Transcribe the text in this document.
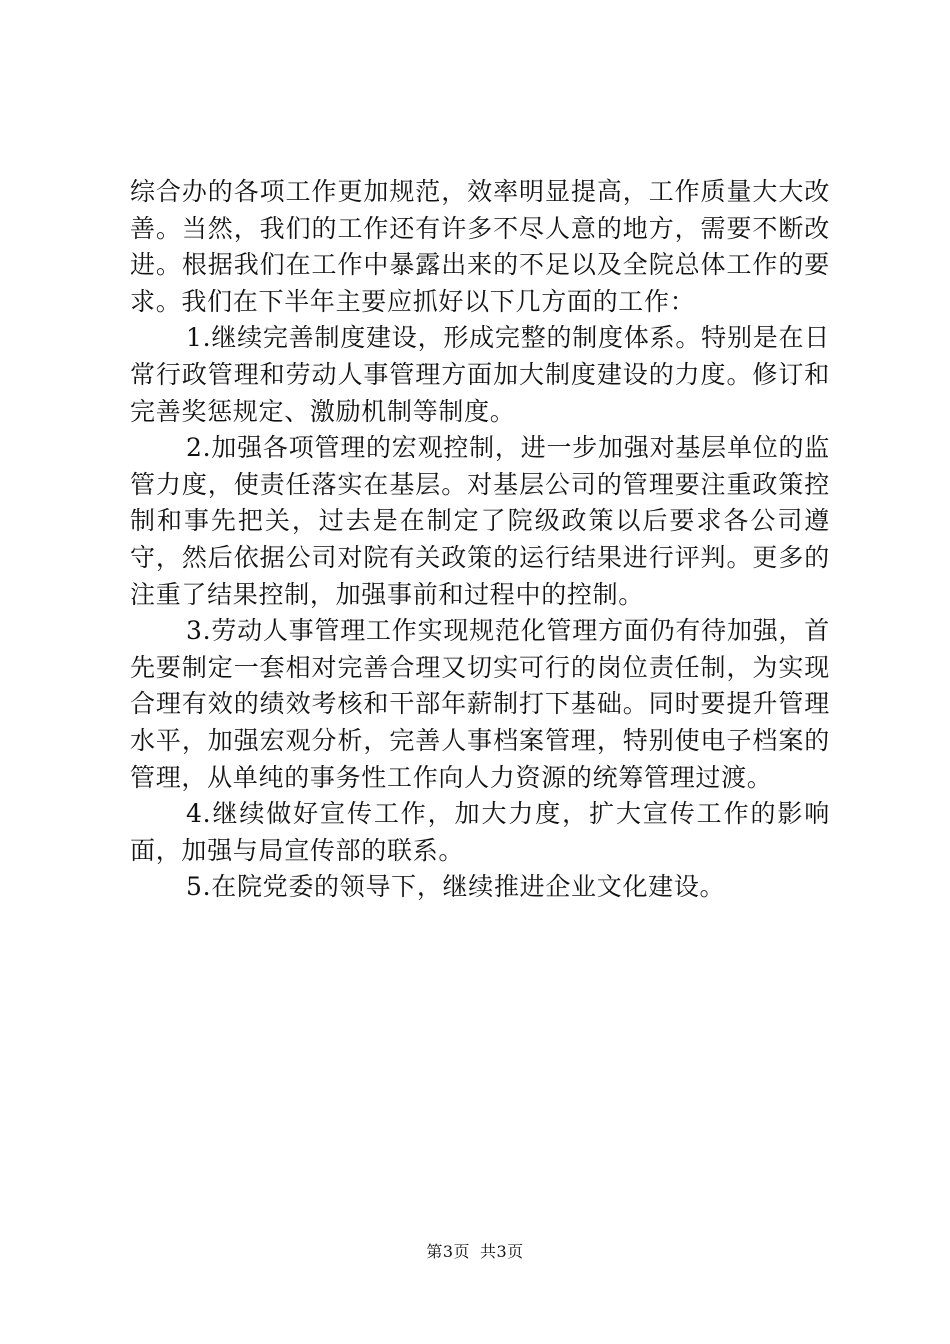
综合办的各项工作更加规范，效率明显提高，工作质量大大改善。当然，我们的工作还有许多不尽人意的地方，需要不断改进。根据我们在工作中暴露出来的不足以及全院总体工作的要求。我们在下半年主要应抓好以下几方面的工作：

1.继续完善制度建设，形成完整的制度体系。特别是在日常行政管理和劳动人事管理方面加大制度建设的力度。修订和完善奖惩规定、激励机制等制度。

2.加强各项管理的宏观控制，进一步加强对基层单位的监管力度，使责任落实在基层。对基层公司的管理要注重政策控制和事先把关，过去是在制定了院级政策以后要求各公司遵守，然后依据公司对院有关政策的运行结果进行评判。更多的注重了结果控制，加强事前和过程中的控制。

3.劳动人事管理工作实现规范化管理方面仍有待加强，首先要制定一套相对完善合理又切实可行的岗位责任制，为实现合理有效的绩效考核和干部年薪制打下基础。同时要提升管理水平，加强宏观分析，完善人事档案管理，特别使电子档案的管理，从单纯的事务性工作向人力资源的统筹管理过渡。

4.继续做好宣传工作，加大力度，扩大宣传工作的影响面，加强与局宣传部的联系。

5.在院党委的领导下，继续推进企业文化建设。

第3页 共3页
